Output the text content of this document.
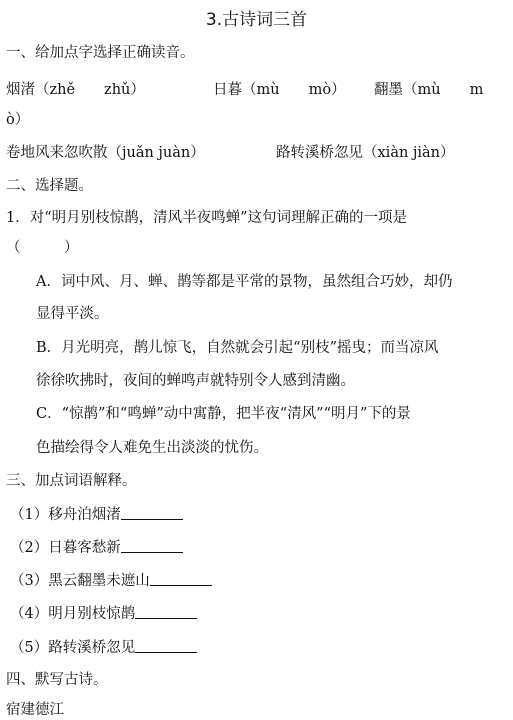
3.古诗词三首
一、给加点字选择正确读音。
烟渚（zhě　　zhǔ）	日暮（mù　　mò） 翻墨（mù　　m
ò）
卷地风来忽吹散（juǎn juàn）	路转溪桥忽见（xiàn jiàn）
二、选择题。
1．对“明月别枝惊鹊，清风半夜鸣蝉”这句词理解正确的一项是
（　　　）
A．词中风、月、蝉、鹊等都是平常的景物，虽然组合巧妙，却仍
显得平淡。
B．月光明亮，鹊儿惊飞，自然就会引起“别枝”摇曳；而当凉风
徐徐吹拂时，夜间的蝉鸣声就特别令人感到清幽。
C．“惊鹊”和“鸣蝉”动中寓静，把半夜“清风”“明月”下的景
色描绘得令人难免生出淡淡的忧伤。
三、加点词语解释。
（1）移舟泊烟渚
（2）日暮客愁新
（3）黑云翻墨未遮山
（4）明月别枝惊鹊
（5）路转溪桥忽见
四、默写古诗。
宿建德江
